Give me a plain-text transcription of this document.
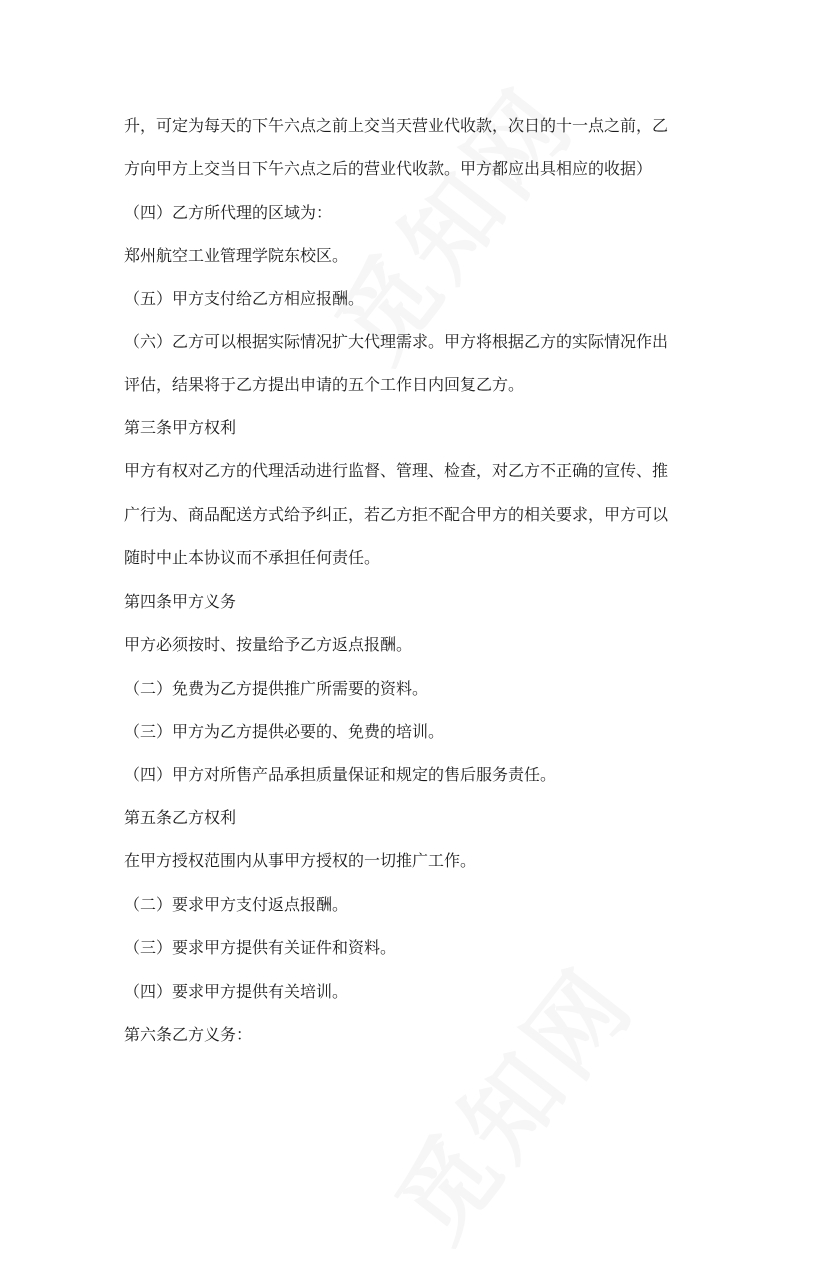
升，可定为每天的下午六点之前上交当天营业代收款，次日的十一点之前，乙
方向甲方上交当日下午六点之后的营业代收款。甲方都应出具相应的收据）
（四）乙方所代理的区域为：
郑州航空工业管理学院东校区。
（五）甲方支付给乙方相应报酬。
（六）乙方可以根据实际情况扩大代理需求。甲方将根据乙方的实际情况作出
评估，结果将于乙方提出申请的五个工作日内回复乙方。
第三条甲方权利
甲方有权对乙方的代理活动进行监督、管理、检查，对乙方不正确的宣传、推
广行为、商品配送方式给予纠正，若乙方拒不配合甲方的相关要求，甲方可以
随时中止本协议而不承担任何责任。
第四条甲方义务
甲方必须按时、按量给予乙方返点报酬。
（二）免费为乙方提供推广所需要的资料。
（三）甲方为乙方提供必要的、免费的培训。
（四）甲方对所售产品承担质量保证和规定的售后服务责任。
第五条乙方权利
在甲方授权范围内从事甲方授权的一切推广工作。
（二）要求甲方支付返点报酬。
（三）要求甲方提供有关证件和资料。
（四）要求甲方提供有关培训。
第六条乙方义务：
